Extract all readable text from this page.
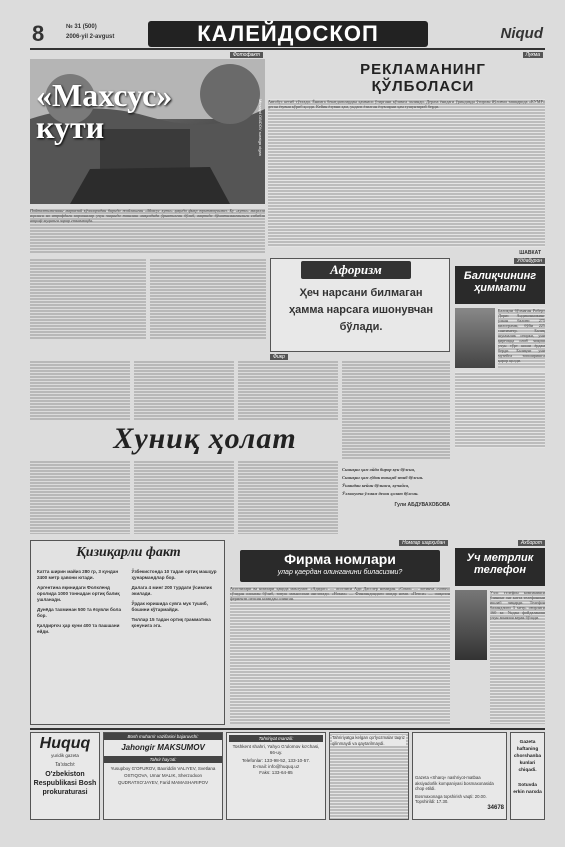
8	№ 31 (500)
2006-yil 2-avgust	КАЛЕЙДОСКОП	Niqud
Фотофакт
«Махсус» кути	Mirsaiyd OBIDOV suratga olgan
Пойтахтимизнинг марказий кўчаларидан бирида жойлашган «Махсус кути» ҳақида фикр юритмоқчимиз. Бу «кути» маҳалла аҳолиси ва атрофдаги корхоналар учун чиқинди ташлаш мақсадида ўрнатилган бўлиб, вақтида бўшатилмаганлиги сабабли атроф-муҳитга зарар етказмоқда.
Лукма
РЕКЛАМАНИНГ
ҚЎЛБОЛАСИ
Автобус кетиб тўхтади. Ёнимга бекатдагилардан ҳаммаси ўтиргани кўзимга чалинди. Дераза ёнидаги ўриндиқда ўтирган йўловчи ташқарида «КУМР» деган ёзувни кўриб қолди. Кейин ёзувни ҳам, ундаги ёзилган ёзувларни ҳам тушунтириб берди.
ШАВКАТ
Афоризм
Ҳеч нарсани билмаган ҳамма нарсага ишонувчан бўлади.
Уддабурон
Балиқчининг
ҳиммати
Балиқчи бўлмаган Роберт Дорис Андиконникинг улкан балиғи 275 килограмм, бўйи 225 сантиметр. Балиқ шунчалик оғирки, уни қирғоққа олиб чиқиш учун тўрт киши ёрдам берди. Балиқчи уни музейга топширишга қарор қилди.
Фикр
Хуниқ ҳолат
Синиқни ҳам ойда бирор кун бўлсин,
Синиқни ҳам гўдак таъқиб этиб бўлсин.
Ўшандан кейин бўлинса, кучайса,
Ўлмагунча ўлмам деган ҳолат бўлсин.
Гули АБДУВАХОБОВА
Қизиқарли факт
Катта ширин майиз 280 гр, 3 кундан 2400 метр ҳавони ютади.
Аргентина яқинидаги Фолкленд оролида 1000 тоннадан ортиқ балиқ ушланади.
Дунёда тахминан 500 та ёзувли бола бор.
Қалдирғоч ҳар куни 400 та пашшани ейди.
Ўзбекистонда 10 тадан ортиқ машҳур ҳунармандлар бор.
Далага 4 минг 200 турдаги ўсимлик экилади.
Ўрдак юришида сувга мук тушиб, бошини кўтармайди.
Тиллар 15 тадан ортиқ грамматика қонунига эга.
Номлар шарҳидан
Фирма номлари
улар қаердан олинганини биласизми?
Асосчилари ва номлари ҳақида маълумот. «Адидас» — асосчиси Ади Дасслер номидан. «Сони» — лотинча «sonus» сўзидан олинган бўлиб, товуш маъносини англатади. «Нокиа» — Финляндиядаги шаҳар номи. «Пепси» — ошқозон ферменти пепсин номидан олинган.
Ахборот
Уч метрлик
телефон
Уэлс телефон компанияси ўзининг энг катта телефонини ишлаб чиқарди. Телефон баландлиги 3 метр, оғирлиги 160 кг. Ундан фойдаланиш учун зинапоя керак бўлади.
Huquq
yuridik gazeta
Ta'sischi:
O'zbekiston Respublikasi Bosh prokuraturasi
Bosh muharrir vazifasini bajaruvchi:
Jahongir MAKSUMOV
Tahrir hay'ati:
Yusupboy G'OFUROV, Baxriddin VALIYEV, Svetlana OSTIQOVA, Umar MALIK, Sherzodxon QUDRATXO'JAYEV, Farid MAMASHARIPOV
Tahririyat manzili:
Toshkent shahri, Yahyo G'ulomov ko'chasi, 66-uy.
Telefonlar: 133-98-52, 133-10-57.
E-mail: info@huquq.uz
Faks: 133-64-85
Tahririyatga kelgan qo'lyozmalar taqriz qilinmaydi va qaytarilmaydi.
Gazeta «Sharq» nashriyot-matbaa aksiyadorlik kompaniyasi bosmaxonasida chop etildi.
Bosmaxonaga topshirish vaqti: 20.00. Topshirildi: 17.30.
34678
Gazeta haftaning chorshanba kunlari chiqadi.
Sotuvda erkin narxda
